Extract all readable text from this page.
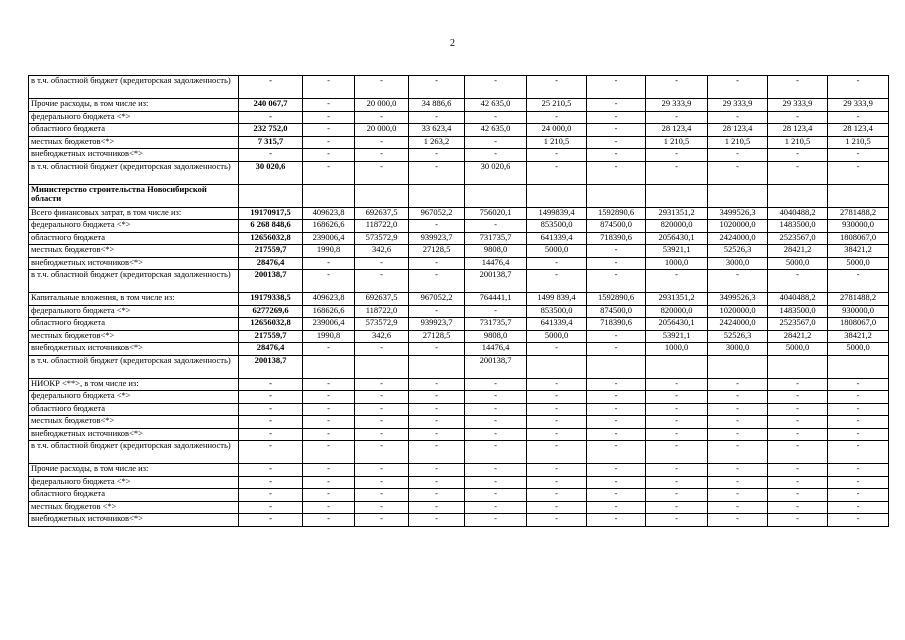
2
в т.ч. областной бюджет (кредиторская задолженность)	-	-	-	-	-	-	-	-	-	-	-
Прочие расходы, в том числе из:	240 067,7	-	20 000,0	34 886,6	42 635,0	25 210,5	-	29 333,9	29 333,9	29 333,9	29 333,9
федерального бюджета <*>	-	-	-	-	-	-	-	-	-	-	-
областного бюджета	232 752,0	-	20 000,0	33 623,4	42 635,0	24 000,0	-	28 123,4	28 123,4	28 123,4	28 123,4
местных бюджетов<*>	7 315,7	-	-	1 263,2	-	1 210,5	-	1 210,5	1 210,5	1 210,5	1 210,5
внебюджетных источников<*>	-	-	-	-	-	-	-	-	-	-	-
в т.ч. областной бюджет (кредиторская задолженность)	30 020,6	-	-	-	30 020,6	-	-	-	-	-	-
Министерство строительства Новосибирской области											
Всего финансовых затрат, в том числе из:	19170917,5	409623,8	692637,5	967052,2	756020,1	1499839,4	1592890,6	2931351,2	3499526,3	4040488,2	2781488,2
федерального бюджета <*>	6 268 848,6	168626,6	118722,0	-	-	853500,0	874500,0	820000,0	1020000,0	1483500,0	930000,0
областного бюджета	12656032,8	239006,4	573572,9	939923,7	731735,7	641339,4	718390,6	2056430,1	2424000,0	2523567,0	1808067,0
местных бюджетов<*>	217559,7	1990,8	342,6	27128,5	9808,0	5000,0	-	53921,1	52526,3	28421,2	38421,2
внебюджетных источников<*>	28476,4	-	-	-	14476,4	-	-	1000,0	3000,0	5000,0	5000,0
в т.ч. областной бюджет (кредиторская задолженность)	200138,7	-	-	-	200138,7	-	-	-	-	-	-
Капитальные вложения, в том числе из:	19179338,5	409623,8	692637,5	967052,2	764441,1	1499 839,4	1592890,6	2931351,2	3499526,3	4040488,2	2781488,2
федерального бюджета <*>	6277269,6	168626,6	118722,0	-	-	853500,0	874500,0	820000,0	1020000,0	1483500,0	930000,0
областного бюджета	12656032,8	239006,4	573572,9	939923,7	731735,7	641339,4	718390,6	2056430,1	2424000,0	2523567,0	1808067,0
местных бюджетов<*>	217559,7	1990,8	342,6	27128,5	9808,0	5000,0	-	53921,1	52526,3	28421,2	38421,2
внебюджетных источников<*>	28476,4	-	-	-	14476,4	-	-	1000,0	3000,0	5000,0	5000,0
в т.ч. областной бюджет (кредиторская задолженность)	200138,7				200138,7						
НИОКР <**>, в том числе из:	-	-	-	-	-	-	-	-	-	-	-
федерального бюджета <*>	-	-	-	-	-	-	-	-	-	-	-
областного бюджета	-	-	-	-	-	-	-	-	-	-	-
местных бюджетов<*>	-	-	-	-	-	-	-	-	-	-	-
внебюджетных источников<*>	-	-	-	-	-	-	-	-	-	-	-
в т.ч. областной бюджет (кредиторская задолженность)	-	-	-	-	-	-	-	-	-	-	-
Прочие расходы, в том числе из:	-	-	-	-	-	-	-	-	-	-	-
федерального бюджета <*>	-	-	-	-	-	-	-	-	-	-	-
областного бюджета	-	-	-	-	-	-	-	-	-	-	-
местных бюджетов <*>	-	-	-	-	-	-	-	-	-	-	-
внебюджетных источников<*>	-	-	-	-	-	-	-	-	-	-	-
